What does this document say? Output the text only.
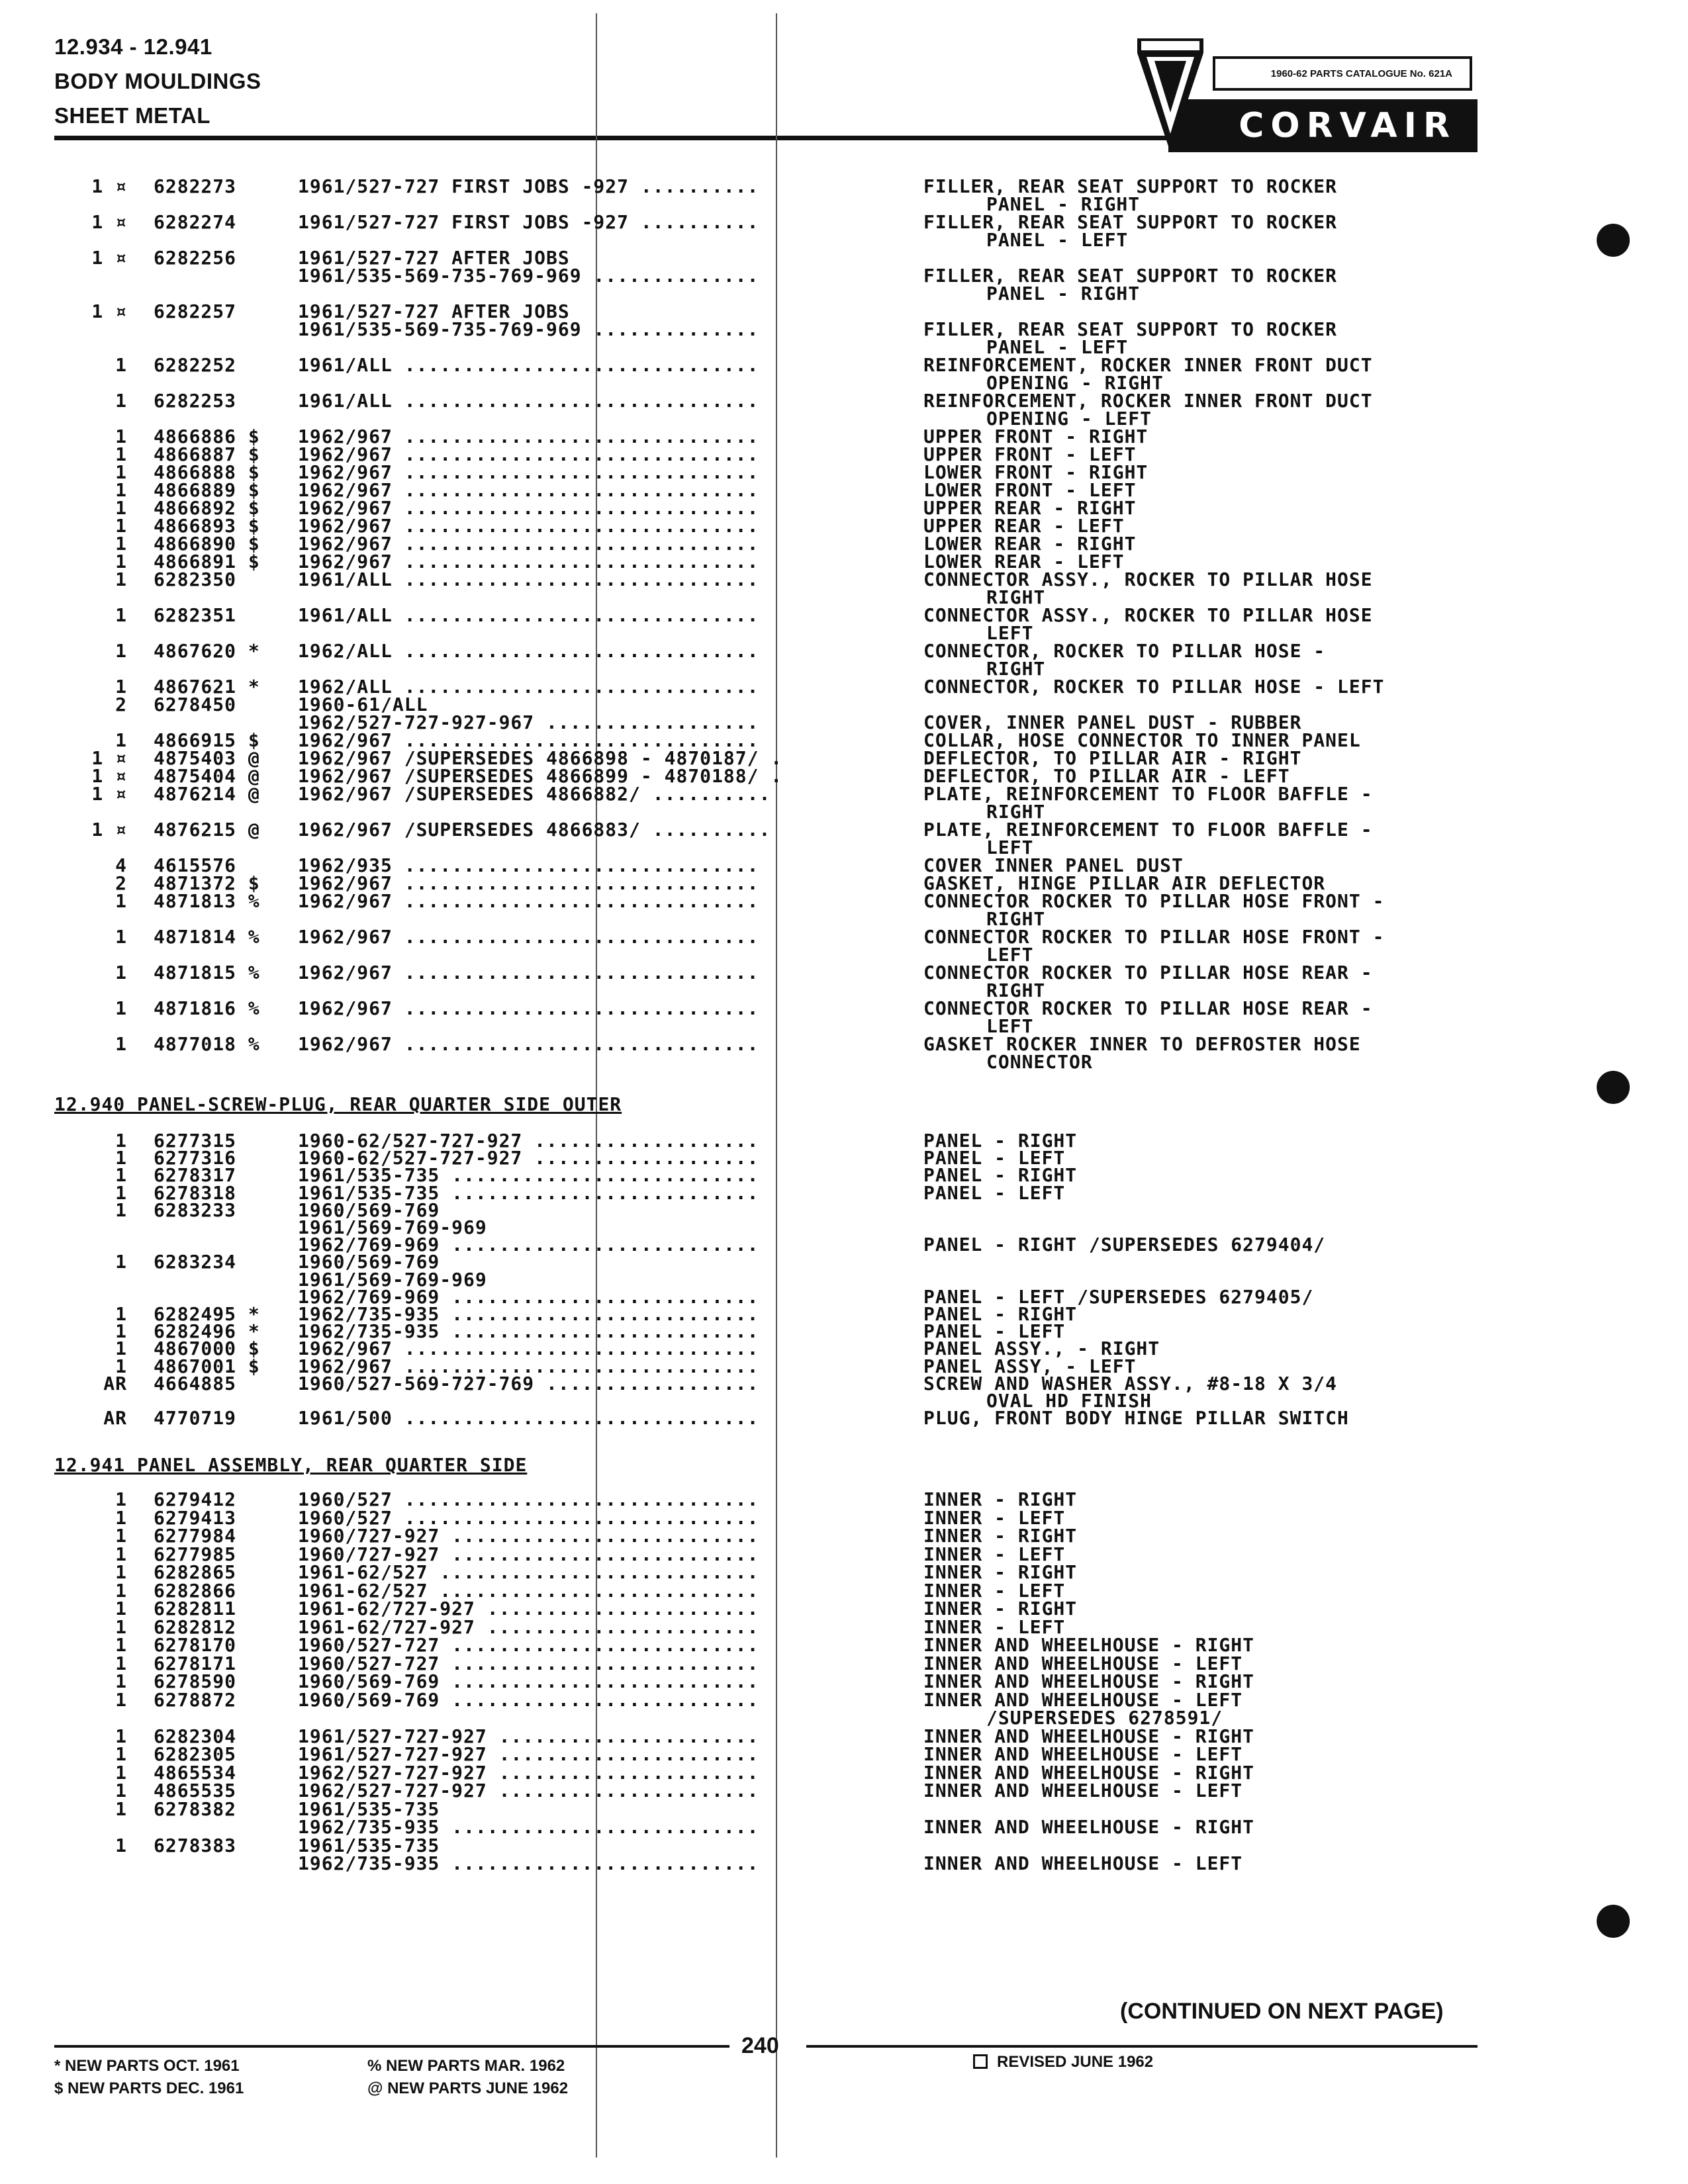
12.934 - 12.941
BODY MOULDINGS
SHEET METAL
1960-62 PARTS CATALOGUE No. 621A
CORVAIR
1 ¤ 6282273	1961/527-727 FIRST JOBS -927 ..........	FILLER, REAR SEAT SUPPORT TO ROCKER
PANEL - RIGHT
1 ¤ 6282274	1961/527-727 FIRST JOBS -927 ..........	FILLER, REAR SEAT SUPPORT TO ROCKER
PANEL - LEFT
1 ¤ 6282256	1961/527-727 AFTER JOBS
1961/535-569-735-769-969 ..............	FILLER, REAR SEAT SUPPORT TO ROCKER
PANEL - RIGHT
1 ¤ 6282257	1961/527-727 AFTER JOBS
1961/535-569-735-769-969 ..............	FILLER, REAR SEAT SUPPORT TO ROCKER
PANEL - LEFT
1 6282252	1961/ALL ..............................	REINFORCEMENT, ROCKER INNER FRONT DUCT
OPENING - RIGHT
1 6282253	1961/ALL ..............................	REINFORCEMENT, ROCKER INNER FRONT DUCT
OPENING - LEFT
1 4866886 $ 1962/967 ..............................	UPPER FRONT - RIGHT
1 4866887 $ 1962/967 ..............................	UPPER FRONT - LEFT
1 4866888 $ 1962/967 ..............................	LOWER FRONT - RIGHT
1 4866889 $ 1962/967 ..............................	LOWER FRONT - LEFT
1 4866892 $ 1962/967 ..............................	UPPER REAR - RIGHT
1 4866893 $ 1962/967 ..............................	UPPER REAR - LEFT
1 4866890 $ 1962/967 ..............................	LOWER REAR - RIGHT
1 4866891 $ 1962/967 ..............................	LOWER REAR - LEFT
1 6282350	1961/ALL ..............................	CONNECTOR ASSY., ROCKER TO PILLAR HOSE
RIGHT
1 6282351	1961/ALL ..............................	CONNECTOR ASSY., ROCKER TO PILLAR HOSE
LEFT
1 4867620 * 1962/ALL ..............................	CONNECTOR, ROCKER TO PILLAR HOSE -
RIGHT
1 4867621 * 1962/ALL ..............................	CONNECTOR, ROCKER TO PILLAR HOSE - LEFT
2 6278450	1960-61/ALL
1962/527-727-927-967 ..................	COVER, INNER PANEL DUST - RUBBER
1 4866915 $ 1962/967 ..............................	COLLAR, HOSE CONNECTOR TO INNER PANEL
1 ¤ 4875403 @ 1962/967 /SUPERSEDES 4866898 - 4870187/ .	DEFLECTOR, TO PILLAR AIR - RIGHT
1 ¤ 4875404 @ 1962/967 /SUPERSEDES 4866899 - 4870188/ .	DEFLECTOR, TO PILLAR AIR - LEFT
1 ¤ 4876214 @ 1962/967 /SUPERSEDES 4866882/ ..........	PLATE, REINFORCEMENT TO FLOOR BAFFLE -
RIGHT
1 ¤ 4876215 @ 1962/967 /SUPERSEDES 4866883/ ..........	PLATE, REINFORCEMENT TO FLOOR BAFFLE -
LEFT
4 4615576	1962/935 ..............................	COVER INNER PANEL DUST
2 4871372 $ 1962/967 ..............................	GASKET, HINGE PILLAR AIR DEFLECTOR
1 4871813 % 1962/967 ..............................	CONNECTOR ROCKER TO PILLAR HOSE FRONT -
RIGHT
1 4871814 % 1962/967 ..............................	CONNECTOR ROCKER TO PILLAR HOSE FRONT -
LEFT
1 4871815 % 1962/967 ..............................	CONNECTOR ROCKER TO PILLAR HOSE REAR -
RIGHT
1 4871816 % 1962/967 ..............................	CONNECTOR ROCKER TO PILLAR HOSE REAR -
LEFT
1 4877018 % 1962/967 ..............................	GASKET ROCKER INNER TO DEFROSTER HOSE
CONNECTOR
12.940 PANEL-SCREW-PLUG, REAR QUARTER SIDE OUTER
1 6277315	1960-62/527-727-927 ...................	PANEL - RIGHT
1 6277316	1960-62/527-727-927 ...................	PANEL - LEFT
1 6278317	1961/535-735 ..........................	PANEL - RIGHT
1 6278318	1961/535-735 ..........................	PANEL - LEFT
1 6283233	1960/569-769
1961/569-769-969
1962/769-969 ..........................	PANEL - RIGHT /SUPERSEDES 6279404/
1 6283234	1960/569-769
1961/569-769-969
1962/769-969 ..........................	PANEL - LEFT /SUPERSEDES 6279405/
1 6282495 * 1962/735-935 ..........................	PANEL - RIGHT
1 6282496 * 1962/735-935 ..........................	PANEL - LEFT
1 4867000 $ 1962/967 ..............................	PANEL ASSY., - RIGHT
1 4867001 $ 1962/967 ..............................	PANEL ASSY, - LEFT
AR 4664885	1960/527-569-727-769 ..................	SCREW AND WASHER ASSY., #8-18 X 3/4
OVAL HD FINISH
AR 4770719	1961/500 ..............................	PLUG, FRONT BODY HINGE PILLAR SWITCH
12.941 PANEL ASSEMBLY, REAR QUARTER SIDE
1 6279412	1960/527 ..............................	INNER - RIGHT
1 6279413	1960/527 ..............................	INNER - LEFT
1 6277984	1960/727-927 ..........................	INNER - RIGHT
1 6277985	1960/727-927 ..........................	INNER - LEFT
1 6282865	1961-62/527 ...........................	INNER - RIGHT
1 6282866	1961-62/527 ...........................	INNER - LEFT
1 6282811	1961-62/727-927 .......................	INNER - RIGHT
1 6282812	1961-62/727-927 .......................	INNER - LEFT
1 6278170	1960/527-727 ..........................	INNER AND WHEELHOUSE - RIGHT
1 6278171	1960/527-727 ..........................	INNER AND WHEELHOUSE - LEFT
1 6278590	1960/569-769 ..........................	INNER AND WHEELHOUSE - RIGHT
1 6278872	1960/569-769 ..........................	INNER AND WHEELHOUSE - LEFT
/SUPERSEDES 6278591/
1 6282304	1961/527-727-927 ......................	INNER AND WHEELHOUSE - RIGHT
1 6282305	1961/527-727-927 ......................	INNER AND WHEELHOUSE - LEFT
1 4865534	1962/527-727-927 ......................	INNER AND WHEELHOUSE - RIGHT
1 4865535	1962/527-727-927 ......................	INNER AND WHEELHOUSE - LEFT
1 6278382	1961/535-735
1962/735-935 ..........................	INNER AND WHEELHOUSE - RIGHT
1 6278383	1961/535-735
1962/735-935 ..........................	INNER AND WHEELHOUSE - LEFT
(CONTINUED ON NEXT PAGE)
240
* NEW PARTS OCT. 1961
$ NEW PARTS DEC. 1961
% NEW PARTS MAR. 1962
@ NEW PARTS JUNE 1962
REVISED JUNE 1962
